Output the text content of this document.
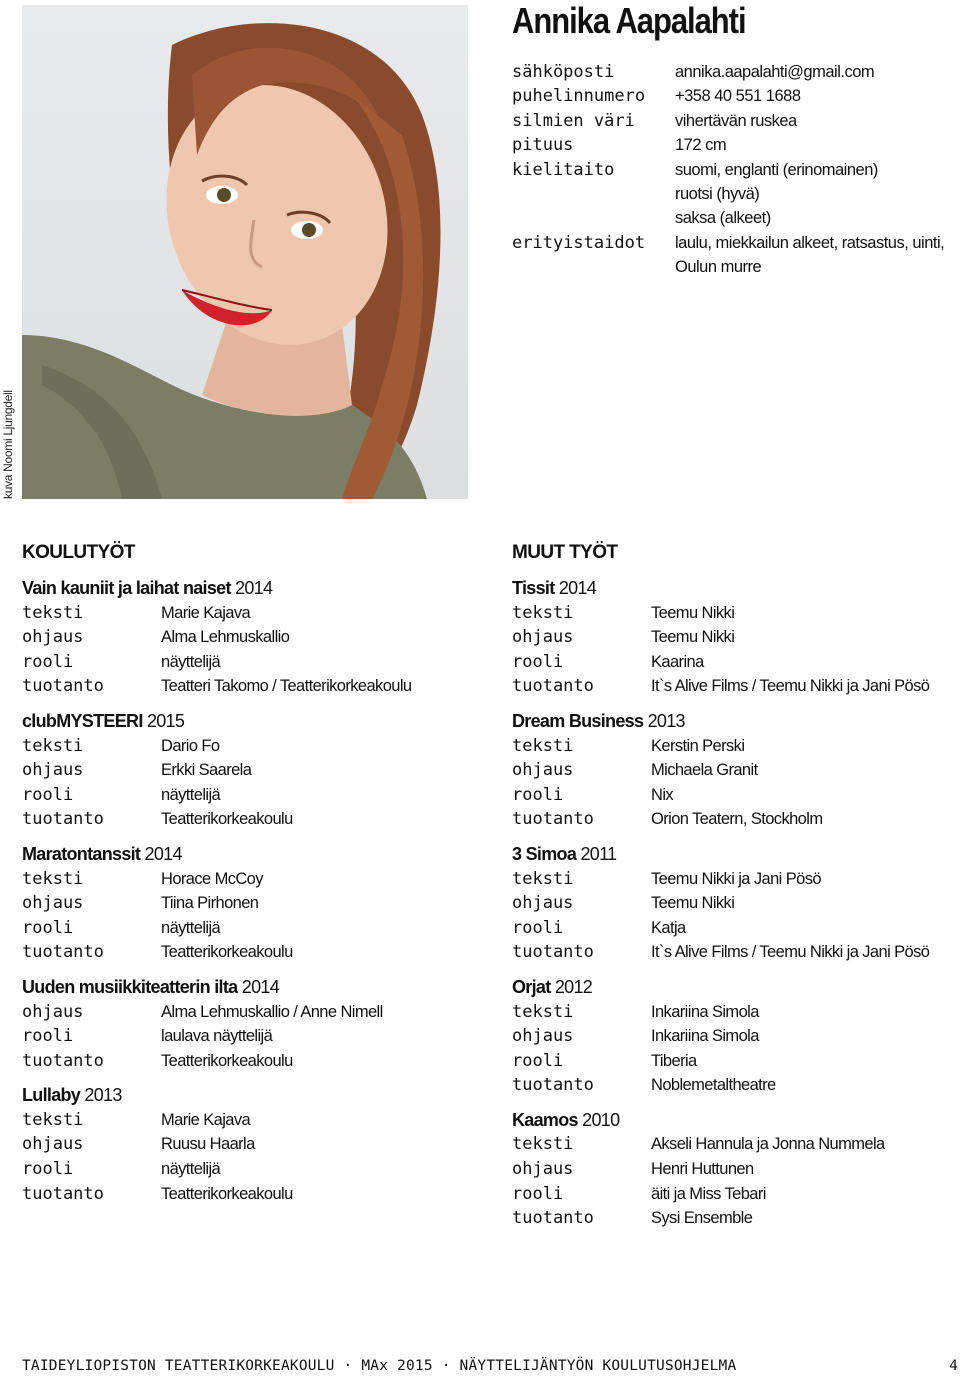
kuva Noomi Ljungdell
Annika Aapalahti
sähköposti	annika.aapalahti@gmail.com
puhelinnumero	+358 40 551 1688
silmien väri	vihertävän ruskea
pituus	172 cm
kielitaito	suomi, englanti (erinomainen)
ruotsi (hyvä)
saksa (alkeet)
erityistaidot	laulu, miekkailun alkeet, ratsastus, uinti,
Oulun murre
KOULUTYÖT
Vain kauniit ja laihat naiset 2014
teksti	Marie Kajava
ohjaus	Alma Lehmuskallio
rooli	näyttelijä
tuotanto	Teatteri Takomo / Teatterikorkeakoulu
clubMYSTEERI 2015
teksti	Dario Fo
ohjaus	Erkki Saarela
rooli	näyttelijä
tuotanto	Teatterikorkeakoulu
Maratontanssit 2014
teksti	Horace McCoy
ohjaus	Tiina Pirhonen
rooli	näyttelijä
tuotanto	Teatterikorkeakoulu
Uuden musiikkiteatterin ilta 2014
ohjaus	Alma Lehmuskallio / Anne Nimell
rooli	laulava näyttelijä
tuotanto	Teatterikorkeakoulu
Lullaby 2013
teksti	Marie Kajava
ohjaus	Ruusu Haarla
rooli	näyttelijä
tuotanto	Teatterikorkeakoulu
MUUT TYÖT
Tissit 2014
teksti	Teemu Nikki
ohjaus	Teemu Nikki
rooli	Kaarina
tuotanto	It`s Alive Films / Teemu Nikki ja Jani Pösö
Dream Business 2013
teksti	Kerstin Perski
ohjaus	Michaela Granit
rooli	Nix
tuotanto	Orion Teatern, Stockholm
3 Simoa 2011
teksti	Teemu Nikki ja Jani Pösö
ohjaus	Teemu Nikki
rooli	Katja
tuotanto	It`s Alive Films / Teemu Nikki ja Jani Pösö
Orjat 2012
teksti	Inkariina Simola
ohjaus	Inkariina Simola
rooli	Tiberia
tuotanto	Noblemetaltheatre
Kaamos 2010
teksti	Akseli Hannula ja Jonna Nummela
ohjaus	Henri Huttunen
rooli	äiti ja Miss Tebari
tuotanto	Sysi Ensemble
TAIDEYLIOPISTON TEATTERIKORKEAKOULU · MAx 2015 · NÄYTTELIJÄNTYÖN KOULUTUSOHJELMA	4
